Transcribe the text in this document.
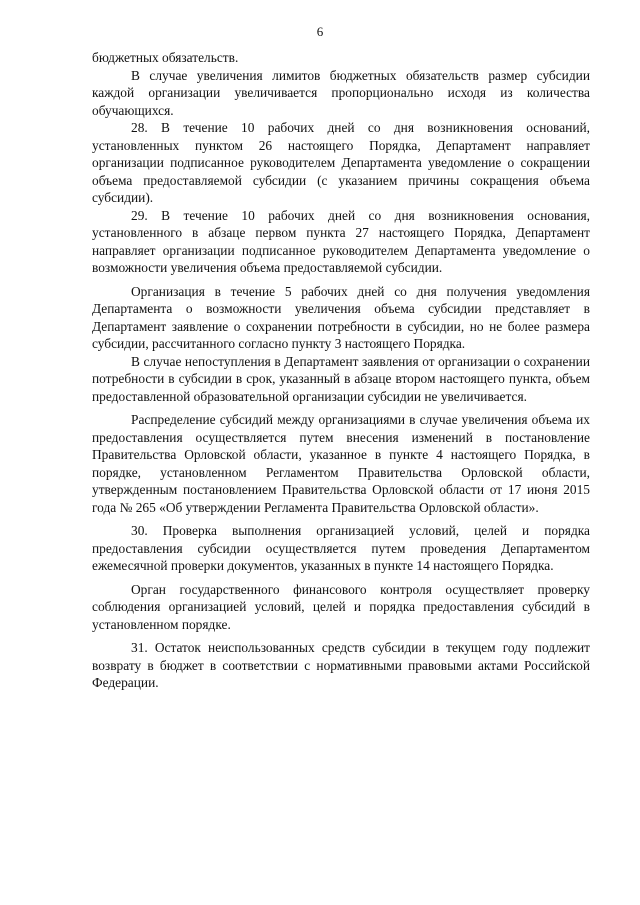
6

бюджетных обязательств.

В случае увеличения лимитов бюджетных обязательств размер субсидии каждой организации увеличивается пропорционально исходя из количества обучающихся.

28. В течение 10 рабочих дней со дня возникновения оснований, установленных пунктом 26 настоящего Порядка, Департамент направляет организации подписанное руководителем Департамента уведомление о сокращении объема предоставляемой субсидии (с указанием причины сокращения объема субсидии).

29. В течение 10 рабочих дней со дня возникновения основания, установленного в абзаце первом пункта 27 настоящего Порядка, Департамент направляет организации подписанное руководителем Департамента уведомление о возможности увеличения объема предоставляемой субсидии.

Организация в течение 5 рабочих дней со дня получения уведомления Департамента о возможности увеличения объема субсидии представляет в Департамент заявление о сохранении потребности в субсидии, но не более размера субсидии, рассчитанного согласно пункту 3 настоящего Порядка.

В случае непоступления в Департамент заявления от организации о сохранении потребности в субсидии в срок, указанный в абзаце втором настоящего пункта, объем предоставленной образовательной организации субсидии не увеличивается.

Распределение субсидий между организациями в случае увеличения объема их предоставления осуществляется путем внесения изменений в постановление Правительства Орловской области, указанное в пункте 4 настоящего Порядка, в порядке, установленном Регламентом Правительства Орловской области, утвержденным постановлением Правительства Орловской области от 17 июня 2015 года № 265 «Об утверждении Регламента Правительства Орловской области».

30. Проверка выполнения организацией условий, целей и порядка предоставления субсидии осуществляется путем проведения Департаментом ежемесячной проверки документов, указанных в пункте 14 настоящего Порядка.

Орган государственного финансового контроля осуществляет проверку соблюдения организацией условий, целей и порядка предоставления субсидий в установленном порядке.

31. Остаток неиспользованных средств субсидии в текущем году подлежит возврату в бюджет в соответствии с нормативными правовыми актами Российской Федерации.
